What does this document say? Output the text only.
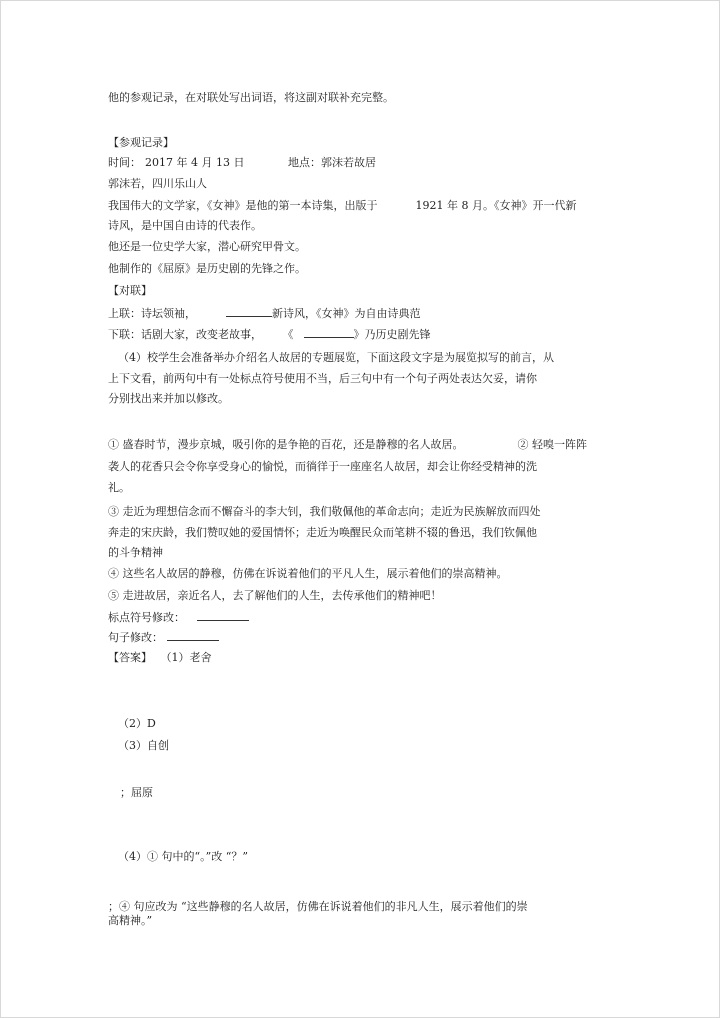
他的参观记录，在对联处写出词语，将这副对联补充完整。
【参观记录】
时间： 2017 年 4 月 13 日	地点：郭沫若故居
郭沫若，四川乐山人
我国伟大的文学家，《女神》是他的第一本诗集，出版于	1921 年 8 月。《女神》开一代新
诗风，是中国自由诗的代表作。
他还是一位史学大家，潜心研究甲骨文。
他制作的《屈原》是历史剧的先锋之作。
【对联】
上联：诗坛领袖，	新诗风，《女神》为自由诗典范
下联：话剧大家，改变老故事， 《	》乃历史剧先锋
（4）校学生会准备举办介绍名人故居的专题展览，下面这段文字是为展览拟写的前言，从
上下文看，前两句中有一处标点符号使用不当，后三句中有一个句子两处表达欠妥，请你
分别找出来并加以修改。
① 盛春时节，漫步京城，吸引你的是争艳的百花，还是静穆的名人故居。	② 轻嗅一阵阵
袭人的花香只会令你享受身心的愉悦，而徜徉于一座座名人故居，却会让你经受精神的洗
礼。
③ 走近为理想信念而不懈奋斗的李大钊，我们敬佩他的革命志向；走近为民族解放而四处
奔走的宋庆龄，我们赞叹她的爱国情怀；走近为唤醒民众而笔耕不辍的鲁迅，我们钦佩他
的斗争精神
④ 这些名人故居的静穆，仿佛在诉说着他们的平凡人生，展示着他们的崇高精神。
⑤ 走进故居，亲近名人，去了解他们的人生，去传承他们的精神吧！
标点符号修改：
句子修改：
【答案】 （1）老舍
（2）D
（3）自创
；屈原
（4）① 句中的“。”改 “？”
；④ 句应改为 “这些静穆的名人故居，仿佛在诉说着他们的非凡人生，展示着他们的崇
高精神。”
